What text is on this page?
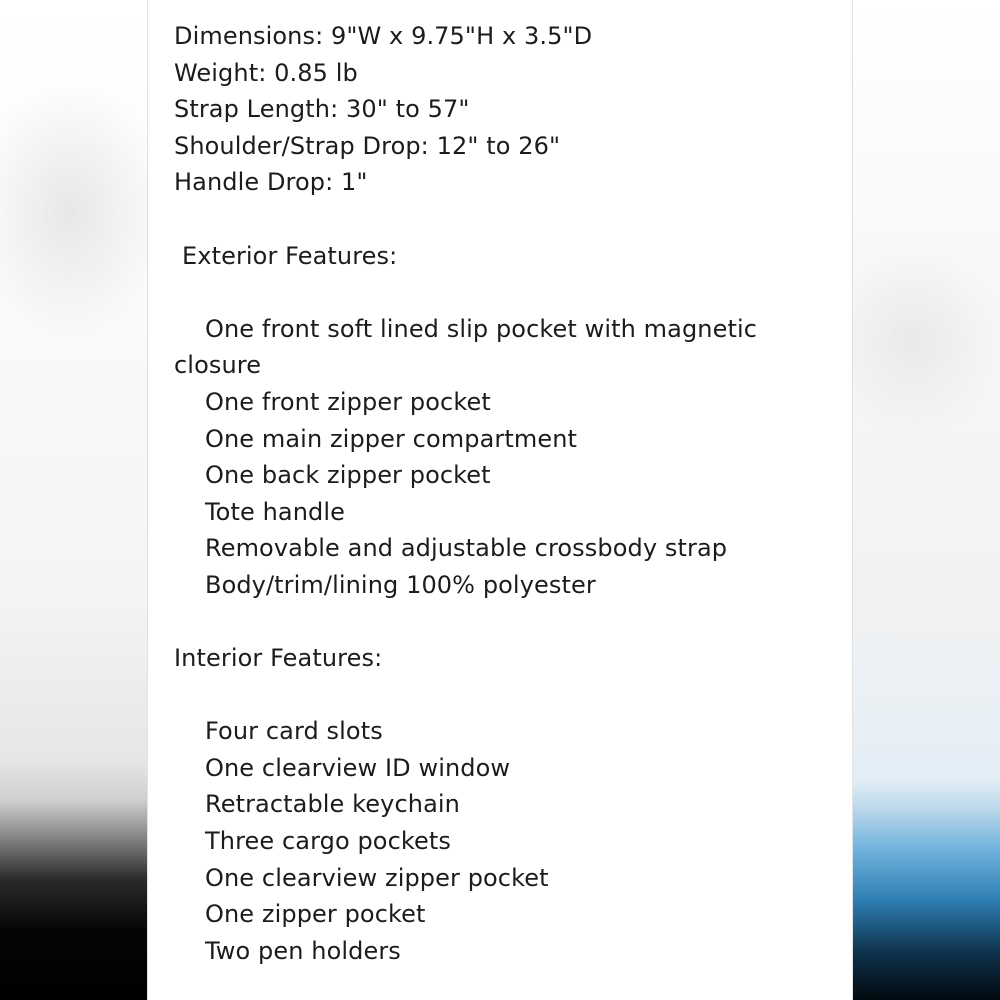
Dimensions: 9"W x 9.75"H x 3.5"D
Weight: 0.85 lb
Strap Length: 30" to 57"
Shoulder/Strap Drop: 12" to 26"
Handle Drop: 1"
Exterior Features:
One front soft lined slip pocket with magnetic closure
One front zipper pocket
One main zipper compartment
One back zipper pocket
Tote handle
Removable and adjustable crossbody strap
Body/trim/lining 100% polyester
Interior Features:
Four card slots
One clearview ID window
Retractable keychain
Three cargo pockets
One clearview zipper pocket
One zipper pocket
Two pen holders
